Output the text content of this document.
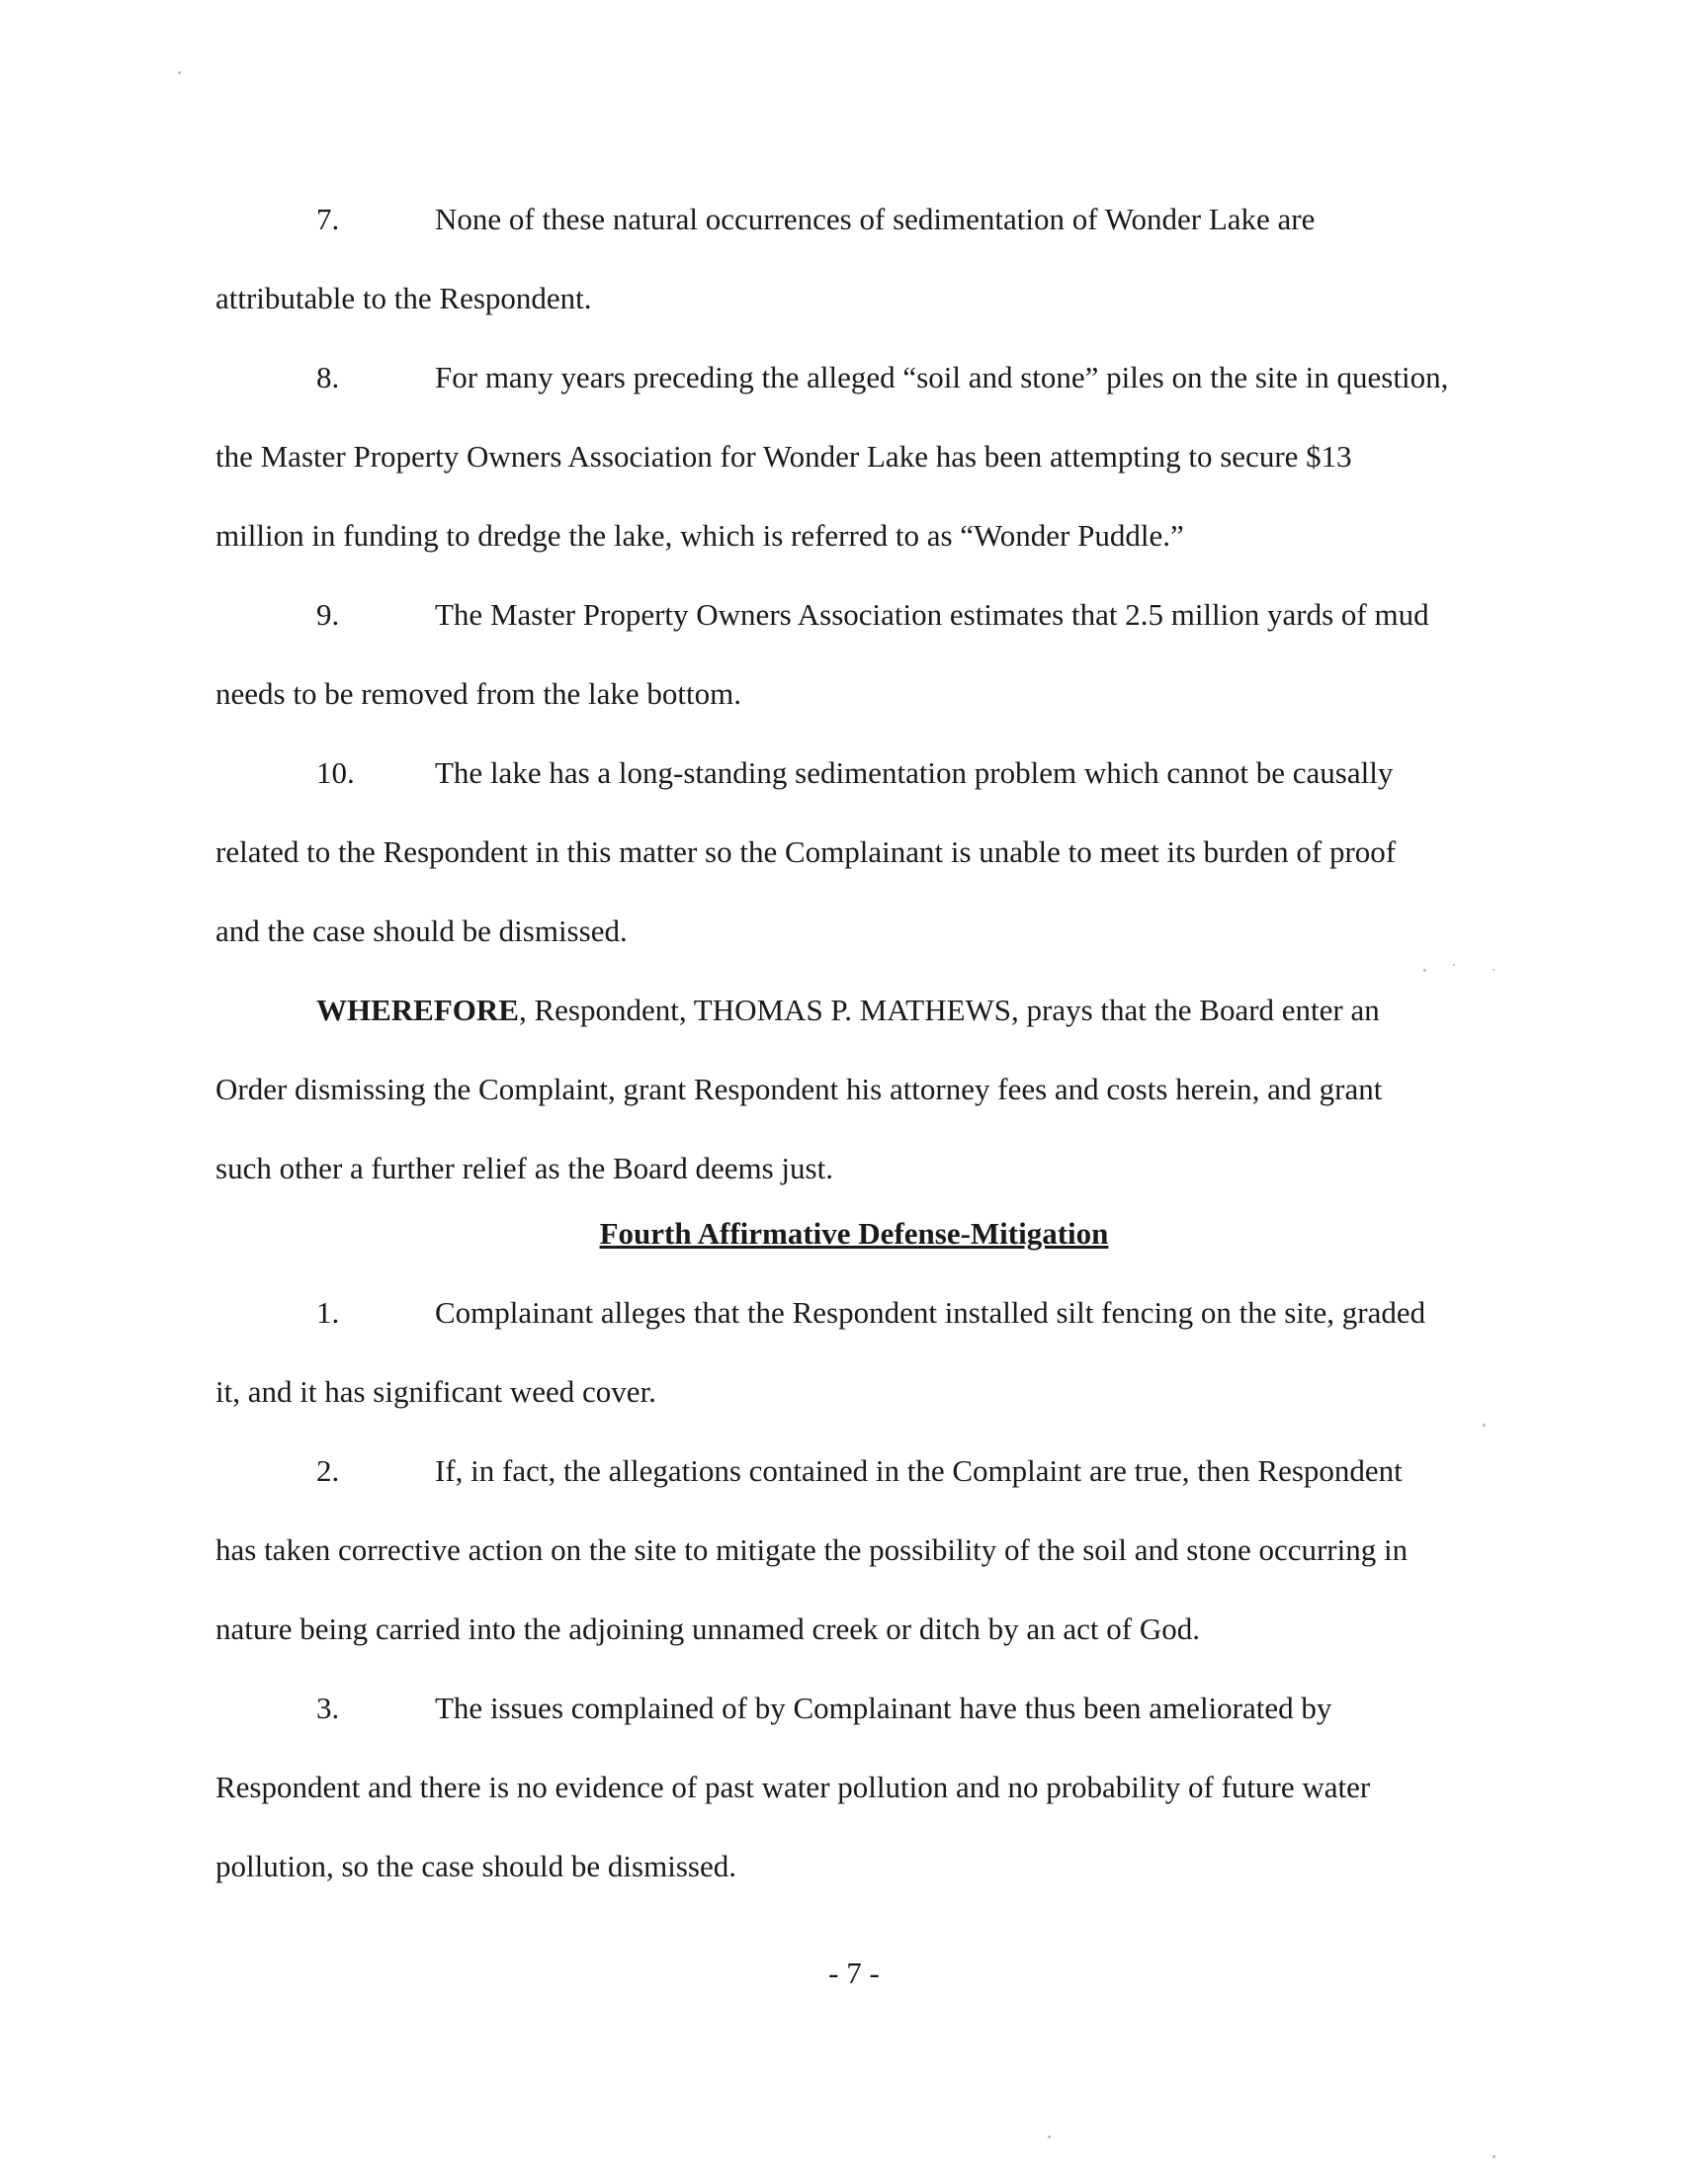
7.	None of these natural occurrences of sedimentation of Wonder Lake are
attributable to the Respondent.
8.	For many years preceding the alleged “soil and stone” piles on the site in question,
the Master Property Owners Association for Wonder Lake has been attempting to secure $13
million in funding to dredge the lake, which is referred to as “Wonder Puddle.”
9.	The Master Property Owners Association estimates that 2.5 million yards of mud
needs to be removed from the lake bottom.
10.	The lake has a long-standing sedimentation problem which cannot be causally
related to the Respondent in this matter so the Complainant is unable to meet its burden of proof
and the case should be dismissed.
WHEREFORE, Respondent, THOMAS P. MATHEWS, prays that the Board enter an
Order dismissing the Complaint, grant Respondent his attorney fees and costs herein, and grant
such other a further relief as the Board deems just.
Fourth Affirmative Defense-Mitigation
1.	Complainant alleges that the Respondent installed silt fencing on the site, graded
it, and it has significant weed cover.
2.	If, in fact, the allegations contained in the Complaint are true, then Respondent
has taken corrective action on the site to mitigate the possibility of the soil and stone occurring in
nature being carried into the adjoining unnamed creek or ditch by an act of God.
3.	The issues complained of by Complainant have thus been ameliorated by
Respondent and there is no evidence of past water pollution and no probability of future water
pollution, so the case should be dismissed.
- 7 -
